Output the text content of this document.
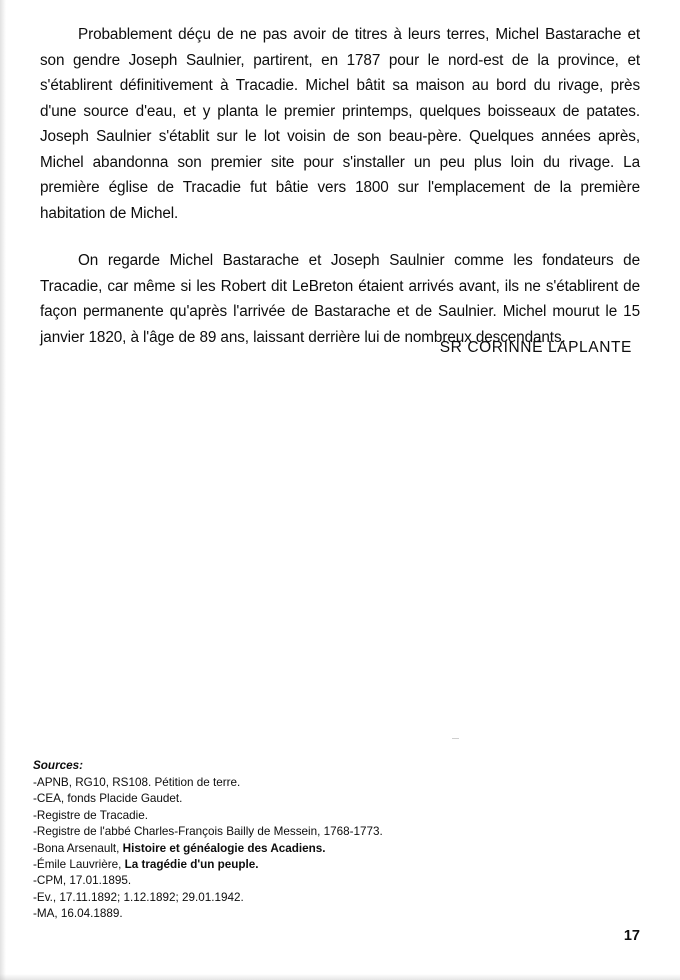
Probablement déçu de ne pas avoir de titres à leurs terres, Michel Bastarache et son gendre Joseph Saulnier, partirent, en 1787 pour le nord-est de la province, et s'établirent définitivement à Tracadie. Michel bâtit sa maison au bord du rivage, près d'une source d'eau, et y planta le premier printemps, quelques boisseaux de patates. Joseph Saulnier s'établit sur le lot voisin de son beau-père. Quelques années après, Michel abandonna son premier site pour s'installer un peu plus loin du rivage. La première église de Tracadie fut bâtie vers 1800 sur l'emplacement de la première habitation de Michel.

On regarde Michel Bastarache et Joseph Saulnier comme les fondateurs de Tracadie, car même si les Robert dit LeBreton étaient arrivés avant, ils ne s'établirent de façon permanente qu'après l'arrivée de Bastarache et de Saulnier. Michel mourut le 15 janvier 1820, à l'âge de 89 ans, laissant derrière lui de nombreux descendants.

SR CORINNE LAPLANTE
Sources:
-APNB, RG10, RS108. Pétition de terre.
-CEA, fonds Placide Gaudet.
-Registre de Tracadie.
-Registre de l'abbé Charles-François Bailly de Messein, 1768-1773.
-Bona Arsenault, Histoire et généalogie des Acadiens.
-Émile Lauvrière, La tragédie d'un peuple.
-CPM, 17.01.1895.
-Ev., 17.11.1892; 1.12.1892; 29.01.1942.
-MA, 16.04.1889.
17
